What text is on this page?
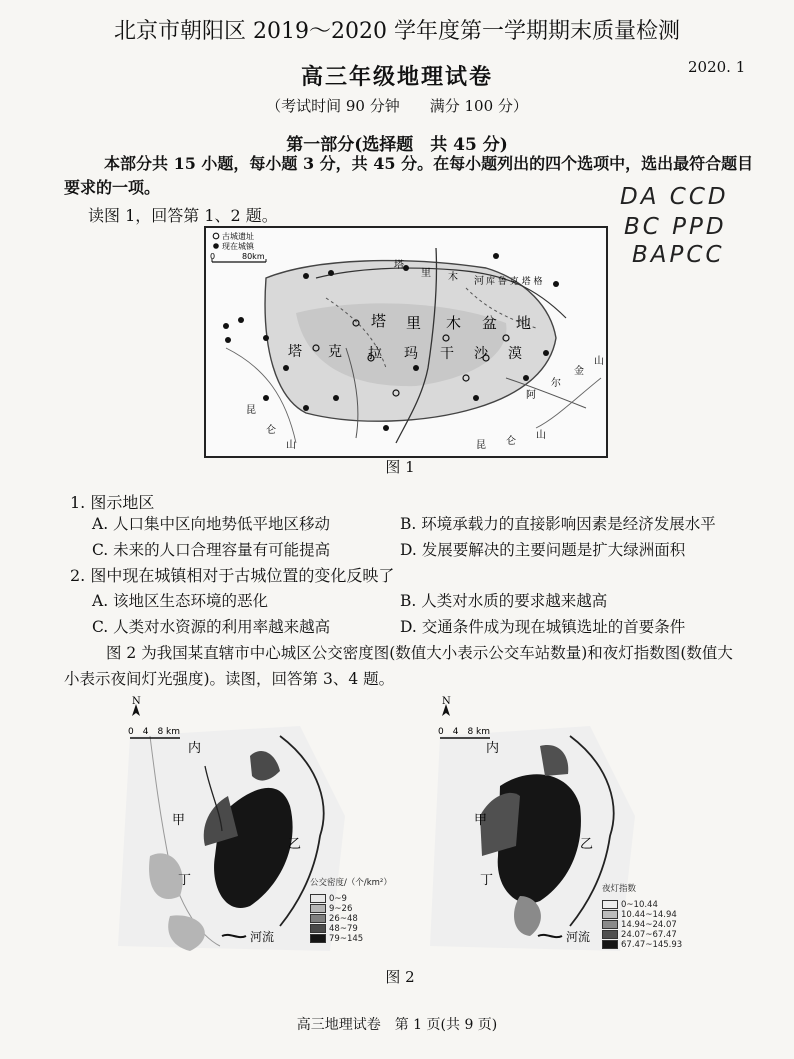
北京市朝阳区 2019～2020 学年度第一学期期末质量检测
高三年级地理试卷	2020. 1
（考试时间 90 分钟　　满分 100 分）
第一部分(选择题　共 45 分)
本部分共 15 小题，每小题 3 分，共 45 分。在每小题列出的四个选项中，选出最符合题目要求的一项。
读图 1，回答第 1、2 题。
DA CCD
BC PPD
BAPCC
古城遗址
现在城镇
0	80km
库 鲁 克 塔 格
塔 里 木 盆 地
塔 克 拉 玛 干 沙 漠
塔
里 木 河
昆
仑
山	昆 仑
山
阿
尔
金
山
图 1
1. 图示地区
A. 人口集中区向地势低平地区移动	B. 环境承载力的直接影响因素是经济发展水平
C. 未来的人口合理容量有可能提高	D. 发展要解决的主要问题是扩大绿洲面积
2. 图中现在城镇相对于古城位置的变化反映了
A. 该地区生态环境的恶化	B. 人类对水质的要求越来越高
C. 人类对水资源的利用率越来越高	D. 交通条件成为现在城镇选址的首要条件
图 2 为我国某直辖市中心城区公交密度图(数值大小表示公交车站数量)和夜灯指数图(数值大小表示夜间灯光强度)。读图，回答第 3、4 题。
N
0　4　8 km
内
甲
乙
丁
河流
公交密度/（个/km²）
0~9
9~26
26~48
48~79
79~145
N
0　4　8 km
内
甲
乙
丁
河流
夜灯指数
0~10.44
10.44~14.94
14.94~24.07
24.07~67.47
67.47~145.93
图 2
高三地理试卷　第 1 页(共 9 页)
